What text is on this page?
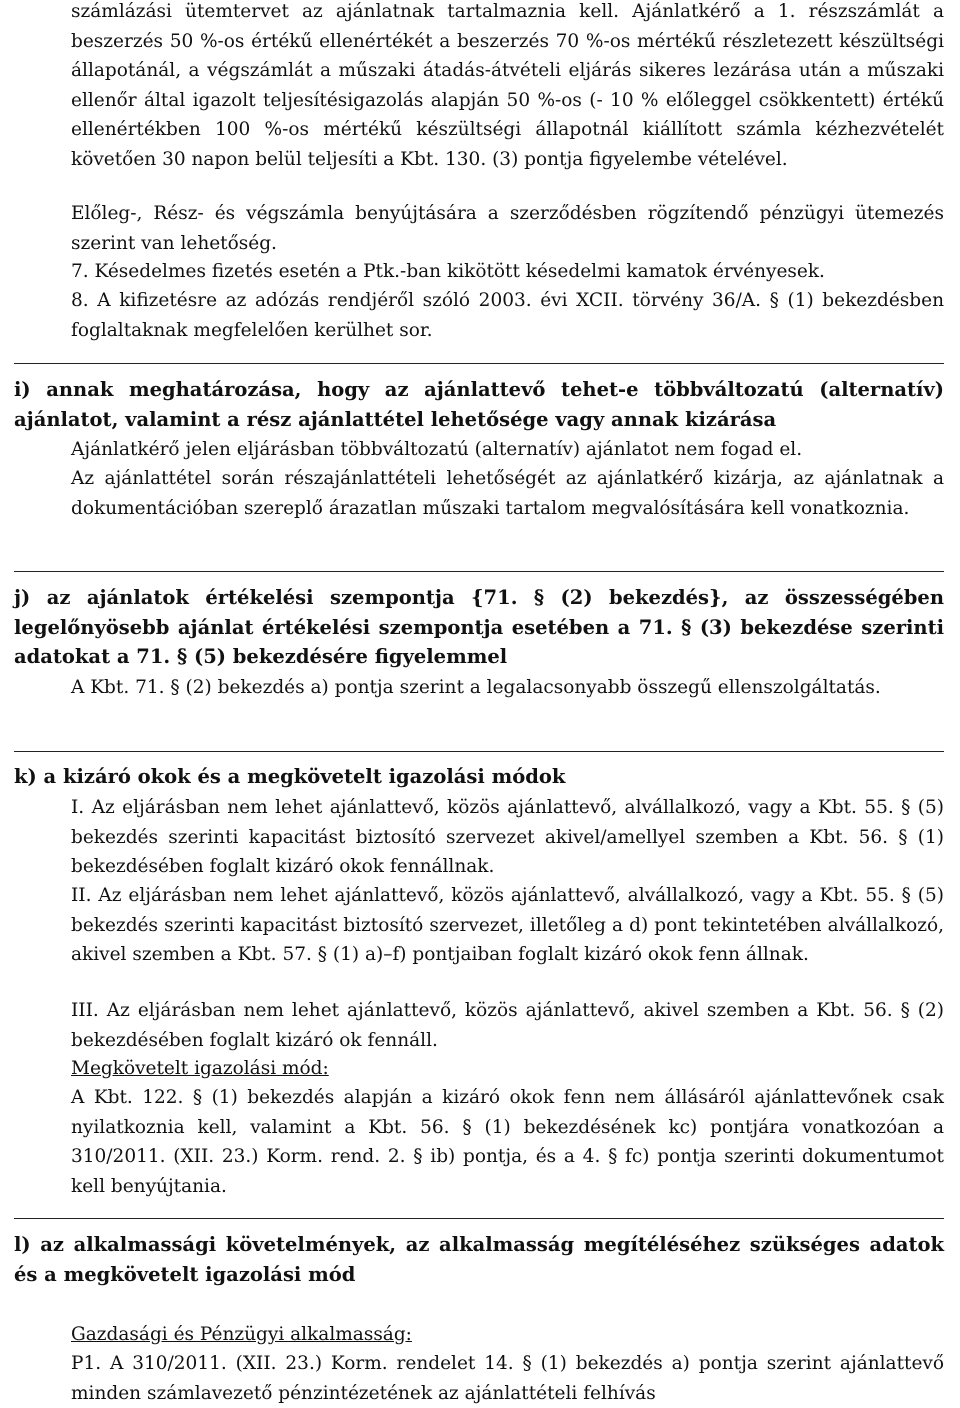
számlázási ütemtervet az ajánlatnak tartalmaznia kell. Ajánlatkérő a 1. részszámlát a beszerzés 50 %-os értékű ellenértékét a beszerzés 70 %-os mértékű részletezett készültségi állapotánál, a végszámlát a műszaki átadás-átvételi eljárás sikeres lezárása után a műszaki ellenőr által igazolt teljesítésigazolás alapján 50 %-os (- 10 % előleggel csökkentett) értékű ellenértékben 100 %-os mértékű készültségi állapotnál kiállított számla kézhezvételét követően 30 napon belül teljesíti a Kbt. 130. (3) pontja figyelembe vételével.

Előleg-, Rész- és végszámla benyújtására a szerződésben rögzítendő pénzügyi ütemezés szerint van lehetőség.

7. Késedelmes fizetés esetén a Ptk.-ban kikötött késedelmi kamatok érvényesek.

8. A kifizetésre az adózás rendjéről szóló 2003. évi XCII. törvény 36/A. § (1) bekezdésben foglaltaknak megfelelően kerülhet sor.

i) annak meghatározása, hogy az ajánlattevő tehet-e többváltozatú (alternatív) ajánlatot, valamint a rész ajánlattétel lehetősége vagy annak kizárása

Ajánlatkérő jelen eljárásban többváltozatú (alternatív) ajánlatot nem fogad el.

Az ajánlattétel során részajánlattételi lehetőségét az ajánlatkérő kizárja, az ajánlatnak a dokumentációban szereplő árazatlan műszaki tartalom megvalósítására kell vonatkoznia.

j) az ajánlatok értékelési szempontja {71. § (2) bekezdés}, az összességében legelőnyösebb ajánlat értékelési szempontja esetében a 71. § (3) bekezdése szerinti adatokat a 71. § (5) bekezdésére figyelemmel

A Kbt. 71. § (2) bekezdés a) pontja szerint a legalacsonyabb összegű ellenszolgáltatás.

k) a kizáró okok és a megkövetelt igazolási módok

I. Az eljárásban nem lehet ajánlattevő, közös ajánlattevő, alvállalkozó, vagy a Kbt. 55. § (5) bekezdés szerinti kapacitást biztosító szervezet akivel/amellyel szemben a Kbt. 56. § (1) bekezdésében foglalt kizáró okok fennállnak.

II. Az eljárásban nem lehet ajánlattevő, közös ajánlattevő, alvállalkozó, vagy a Kbt. 55. § (5) bekezdés szerinti kapacitást biztosító szervezet, illetőleg a d) pont tekintetében alvállalkozó, akivel szemben a Kbt. 57. § (1) a)–f) pontjaiban foglalt kizáró okok fenn állnak.

III. Az eljárásban nem lehet ajánlattevő, közös ajánlattevő, akivel szemben a Kbt. 56. § (2) bekezdésében foglalt kizáró ok fennáll.

Megkövetelt igazolási mód:

A Kbt. 122. § (1) bekezdés alapján a kizáró okok fenn nem állásáról ajánlattevőnek csak nyilatkoznia kell, valamint a Kbt. 56. § (1) bekezdésének kc) pontjára vonatkozóan a 310/2011. (XII. 23.) Korm. rend. 2. § ib) pontja, és a 4. § fc) pontja szerinti dokumentumot kell benyújtania.

l) az alkalmassági követelmények, az alkalmasság megítéléséhez szükséges adatok és a megkövetelt igazolási mód

Gazdasági és Pénzügyi alkalmasság:

P1. A 310/2011. (XII. 23.) Korm. rendelet 14. § (1) bekezdés a) pontja szerint ajánlattevő minden számlavezető pénzintézetének az ajánlattételi felhívás
